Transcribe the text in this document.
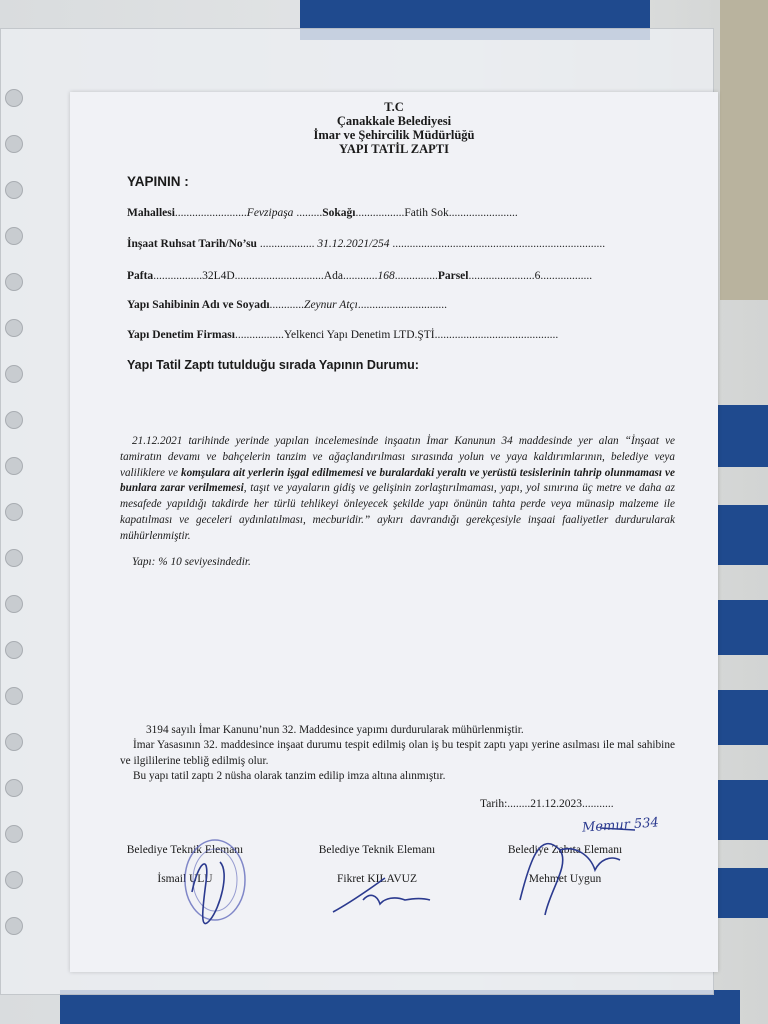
T.C
Çanakkale Belediyesi
İmar ve Şehircilik Müdürlüğü
YAPI TATİL ZAPTI
YAPININ :
Mahallesi.........................Fevzipaşa .........Sokağı.................Fatih Sok........................
İnşaat Ruhsat Tarih/No’su ................... 31.12.2021/254 ..........................................................................
Pafta.................32L4D...............................Ada............168...............Parsel.......................6..................
Yapı Sahibinin Adı ve Soyadı............Zeynur Atçı...............................
Yapı Denetim Firması.................Yelkenci Yapı Denetim LTD.ŞTİ...........................................
Yapı Tatil Zaptı tutulduğu sırada Yapının Durumu:
21.12.2021 tarihinde yerinde yapılan incelemesinde inşaatın İmar Kanunun 34 maddesinde yer alan “İnşaat ve tamiratın devamı ve bahçelerin tanzim ve ağaçlandırılması sırasında yolun ve yaya kaldırımlarının, belediye veya valiliklere ve komşulara ait yerlerin işgal edilmemesi ve buralardaki yeraltı ve yerüstü tesislerinin tahrip olunmaması ve bunlara zarar verilmemesi, taşıt ve yayaların gidiş ve gelişinin zorlaştırılmaması, yapı, yol sınırına üç metre ve daha az mesafede yapıldığı takdirde her türlü tehlikeyi önleyecek şekilde yapı önünün tahta perde veya münasip malzeme ile kapatılması ve geceleri aydınlatılması, mecburidir.” aykırı davrandığı gerekçesiyle inşaai faaliyetler durdurularak mühürlenmiştir.
Yapı: % 10 seviyesindedir.
3194 sayılı İmar Kanunu’nun 32. Maddesince yapımı durdurularak mühürlenmiştir.
İmar Yasasının 32. maddesince inşaat durumu tespit edilmiş olan iş bu tespit zaptı yapı yerine asılması ile mal sahibine ve ilgililerine tebliğ edilmiş olur.
Bu yapı tatil zaptı 2 nüsha olarak tanzim edilip imza altına alınmıştır.
Tarih:........21.12.2023...........
Belediye Teknik Elemanı
İsmail ULU
Belediye Teknik Elemanı
Fikret KILAVUZ
Belediye Zabıta Elemanı
Mehmet Uygun
Memur 534
